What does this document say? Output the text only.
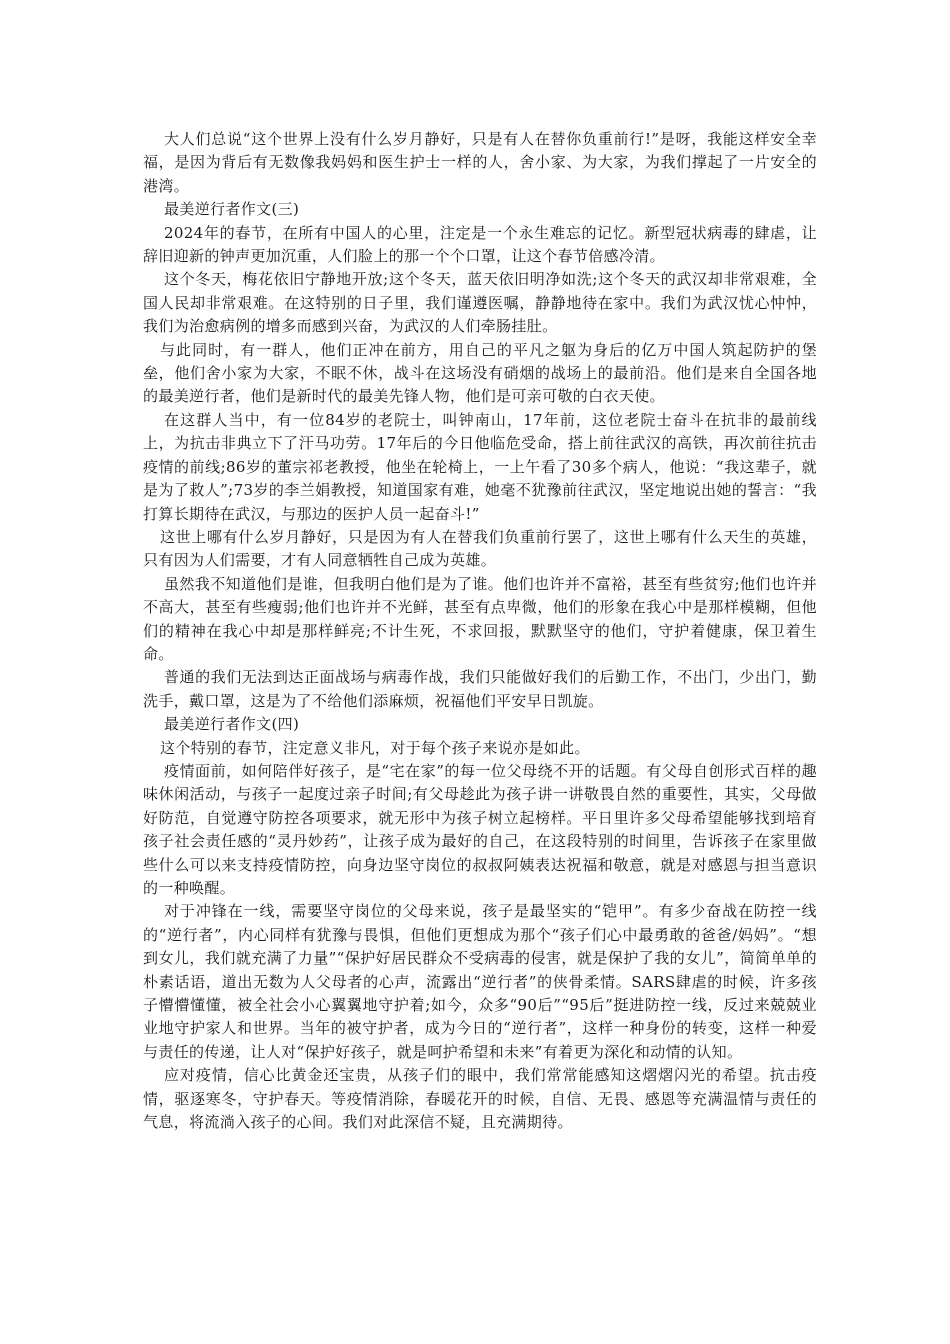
大人们总说“这个世界上没有什么岁月静好，只是有人在替你负重前行!”是呀，我能这样安全幸福，是因为背后有无数像我妈妈和医生护士一样的人，舍小家、为大家，为我们撑起了一片安全的港湾。

最美逆行者作文(三)

2024年的春节，在所有中国人的心里，注定是一个永生难忘的记忆。新型冠状病毒的肆虐，让辞旧迎新的钟声更加沉重，人们脸上的那一个个口罩，让这个春节倍感冷清。

这个冬天，梅花依旧宁静地开放;这个冬天，蓝天依旧明净如洗;这个冬天的武汉却非常艰难，全国人民却非常艰难。在这特别的日子里，我们谨遵医嘱，静静地待在家中。我们为武汉忧心忡忡，我们为治愈病例的增多而感到兴奋，为武汉的人们牵肠挂肚。

与此同时，有一群人，他们正冲在前方，用自己的平凡之躯为身后的亿万中国人筑起防护的堡垒，他们舍小家为大家，不眠不休，战斗在这场没有硝烟的战场上的最前沿。他们是来自全国各地的最美逆行者，他们是新时代的最美先锋人物，他们是可亲可敬的白衣天使。

在这群人当中，有一位84岁的老院士，叫钟南山，17年前，这位老院士奋斗在抗非的最前线上，为抗击非典立下了汗马功劳。17年后的今日他临危受命，搭上前往武汉的高铁，再次前往抗击疫情的前线;86岁的董宗祁老教授，他坐在轮椅上，一上午看了30多个病人，他说：“我这辈子，就是为了救人”;73岁的李兰娟教授，知道国家有难，她毫不犹豫前往武汉，坚定地说出她的誓言：“我打算长期待在武汉，与那边的医护人员一起奋斗!”

这世上哪有什么岁月静好，只是因为有人在替我们负重前行罢了，这世上哪有什么天生的英雄，只有因为人们需要，才有人同意牺牲自己成为英雄。

虽然我不知道他们是谁，但我明白他们是为了谁。他们也许并不富裕，甚至有些贫穷;他们也许并不高大，甚至有些瘦弱;他们也许并不光鲜，甚至有点卑微，他们的形象在我心中是那样模糊，但他们的精神在我心中却是那样鲜亮;不计生死，不求回报，默默坚守的他们，守护着健康，保卫着生命。

普通的我们无法到达正面战场与病毒作战，我们只能做好我们的后勤工作，不出门，少出门，勤洗手，戴口罩，这是为了不给他们添麻烦，祝福他们平安早日凯旋。

最美逆行者作文(四)

这个特别的春节，注定意义非凡，对于每个孩子来说亦是如此。

疫情面前，如何陪伴好孩子，是“宅在家”的每一位父母绕不开的话题。有父母自创形式百样的趣味休闲活动，与孩子一起度过亲子时间;有父母趁此为孩子讲一讲敬畏自然的重要性，其实，父母做好防范，自觉遵守防控各项要求，就无形中为孩子树立起榜样。平日里许多父母希望能够找到培育孩子社会责任感的“灵丹妙药”，让孩子成为最好的自己，在这段特别的时间里，告诉孩子在家里做些什么可以来支持疫情防控，向身边坚守岗位的叔叔阿姨表达祝福和敬意，就是对感恩与担当意识的一种唤醒。

对于冲锋在一线，需要坚守岗位的父母来说，孩子是最坚实的“铠甲”。有多少奋战在防控一线的“逆行者”，内心同样有犹豫与畏惧，但他们更想成为那个“孩子们心中最勇敢的爸爸/妈妈”。“想到女儿，我们就充满了力量”“保护好居民群众不受病毒的侵害，就是保护了我的女儿”，简简单单的朴素话语，道出无数为人父母者的心声，流露出“逆行者”的侠骨柔情。SARS肆虐的时候，许多孩子懵懵懂懂，被全社会小心翼翼地守护着;如今，众多“90后”“95后”挺进防控一线，反过来兢兢业业地守护家人和世界。当年的被守护者，成为今日的“逆行者”，这样一种身份的转变，这样一种爱与责任的传递，让人对“保护好孩子，就是呵护希望和未来”有着更为深化和动情的认知。

应对疫情，信心比黄金还宝贵，从孩子们的眼中，我们常常能感知这熠熠闪光的希望。抗击疫情，驱逐寒冬，守护春天。等疫情消除，春暖花开的时候，自信、无畏、感恩等充满温情与责任的气息，将流淌入孩子的心间。我们对此深信不疑，且充满期待。
